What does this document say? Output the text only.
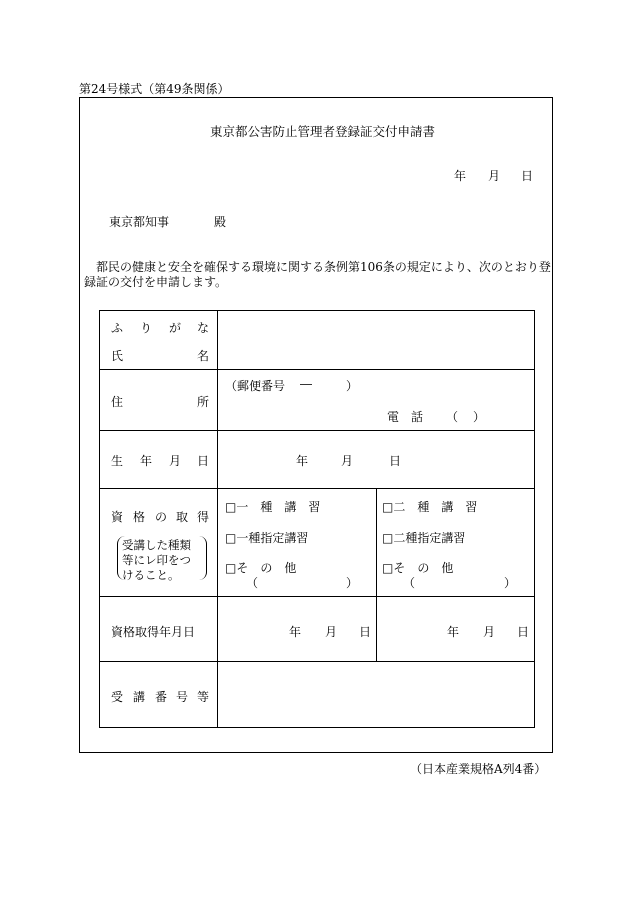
第24号様式（第49条関係）
東京都公害防止管理者登録証交付申請書
年 月 日
東京都知事	殿
都民の健康と安全を確保する環境に関する条例第106条の規定により、次のとおり登
録証の交付を申請します。
ふ り が な
氏	名
住	所
（郵便番号 ―	）
電　話 （ ）
生 年 月 日	年	月	日
資 格 の 取 得
受講した種類
等にレ印をつ
けること。
□一　種　講　習
□一種指定講習
□そ　の　他
（	）
□二　種　講　習
□二種指定講習
□そ　の　他
（	）
資格取得年月日	年 月 日	年 月 日
受 講 番 号 等
（日本産業規格A列4番）
